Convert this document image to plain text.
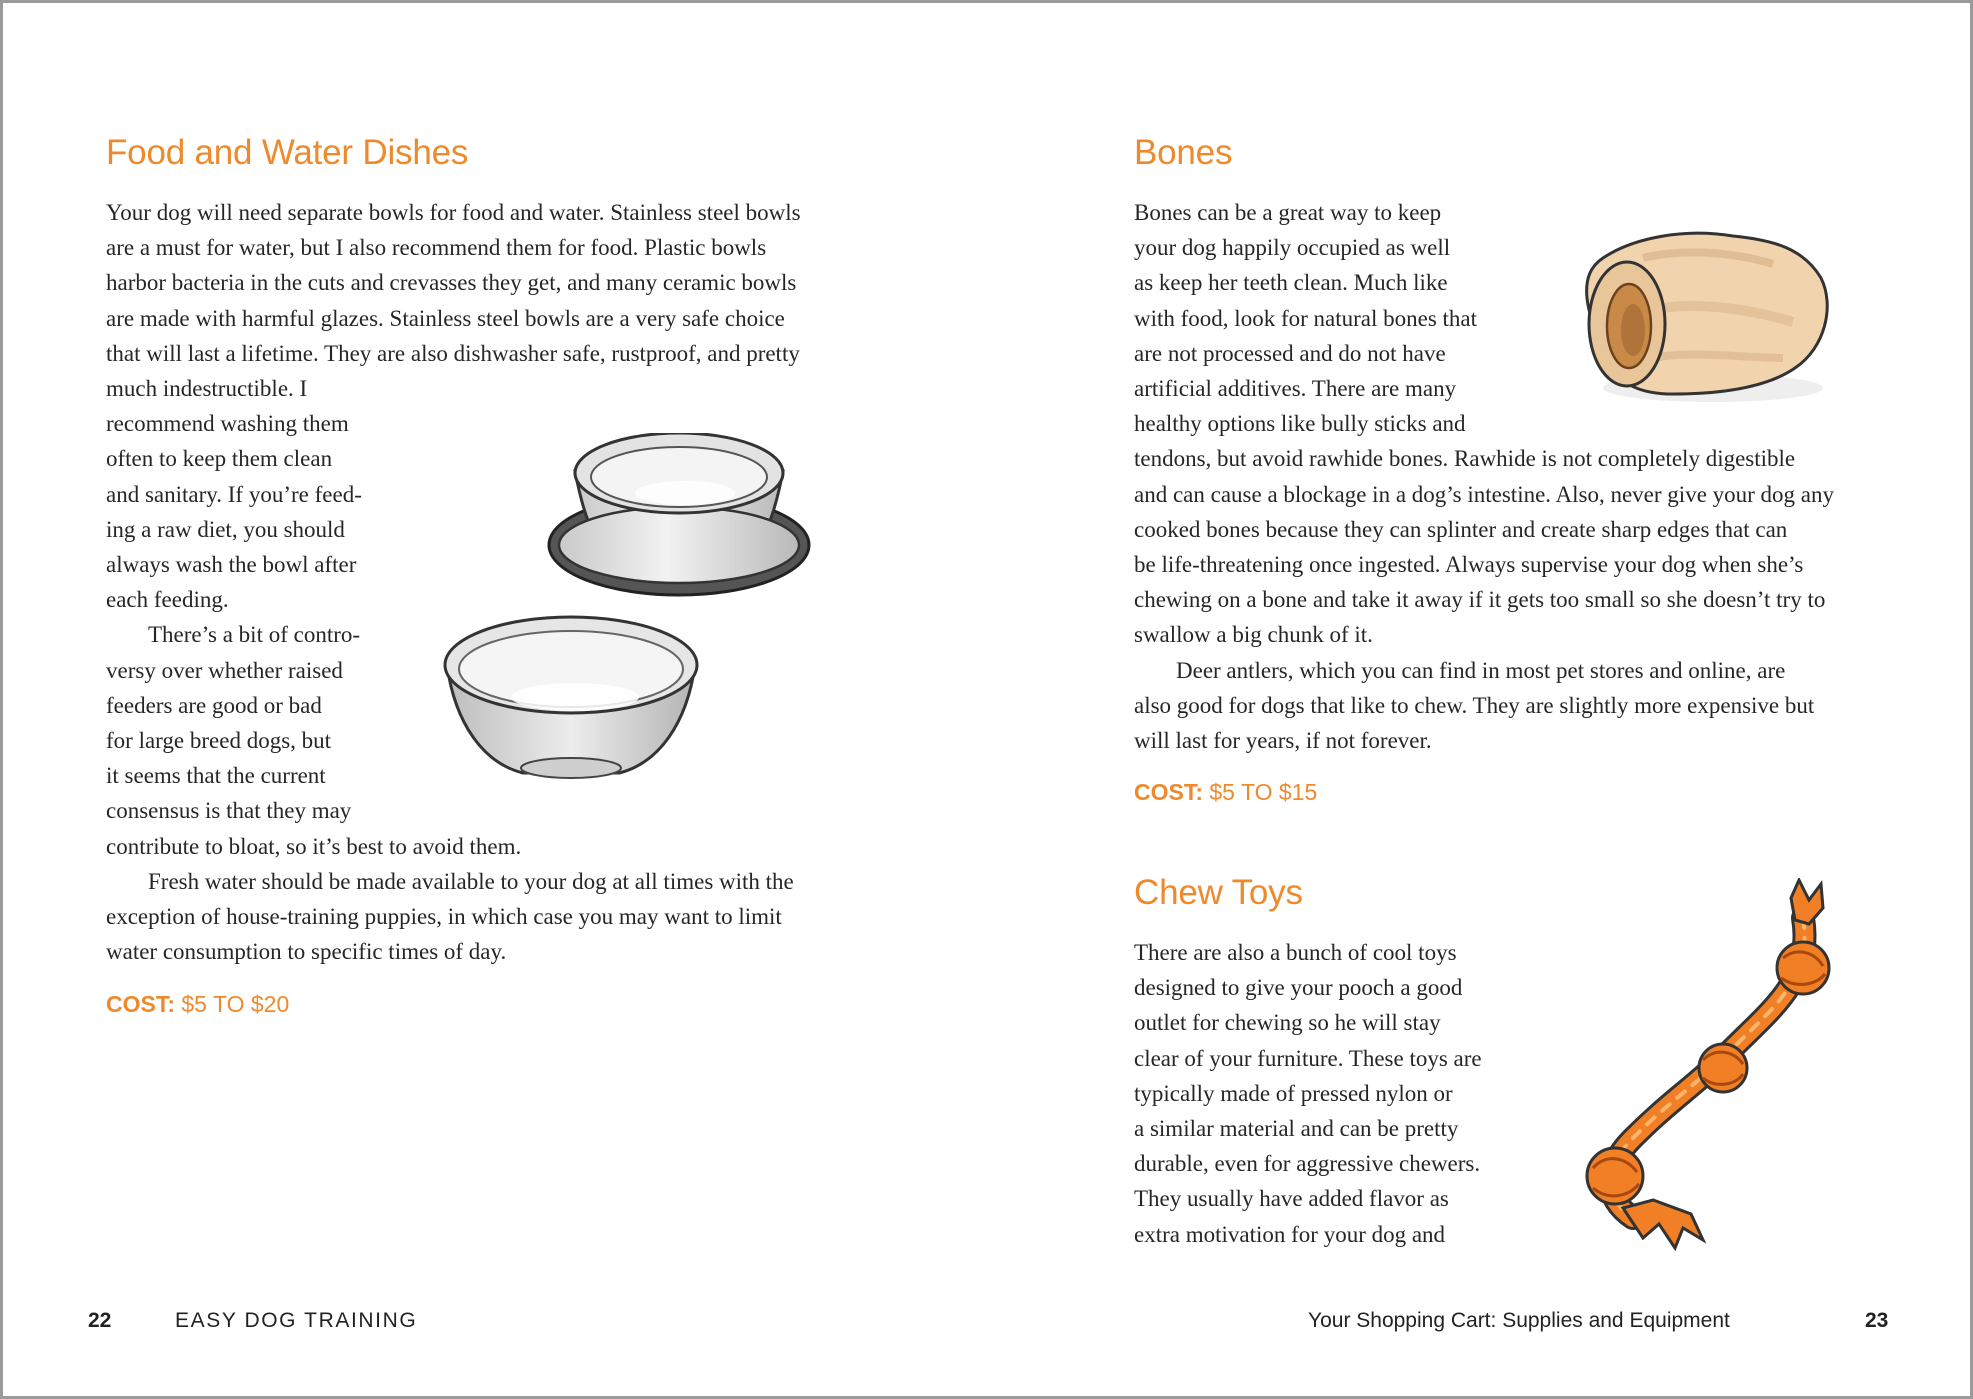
Food and Water Dishes

Your dog will need separate bowls for food and water. Stainless steel bowls
are a must for water, but I also recommend them for food. Plastic bowls
harbor bacteria in the cuts and crevasses they get, and many ceramic bowls
are made with harmful glazes. Stainless steel bowls are a very safe choice
that will last a lifetime. They are also dishwasher safe, rustproof, and pretty
much indestructible. I
recommend washing them
often to keep them clean
and sanitary. If you’re feed-
ing a raw diet, you should
always wash the bowl after
each feeding.
There’s a bit of contro-
versy over whether raised
feeders are good or bad
for large breed dogs, but
it seems that the current
consensus is that they may
contribute to bloat, so it’s best to avoid them.
Fresh water should be made available to your dog at all times with the
exception of house-training puppies, in which case you may want to limit
water consumption to specific times of day.

COST: $5 TO $20
22	EASY DOG TRAINING
Bones

Bones can be a great way to keep
your dog happily occupied as well
as keep her teeth clean. Much like
with food, look for natural bones that
are not processed and do not have
artificial additives. There are many
healthy options like bully sticks and
tendons, but avoid rawhide bones. Rawhide is not completely digestible
and can cause a blockage in a dog’s intestine. Also, never give your dog any
cooked bones because they can splinter and create sharp edges that can
be life-threatening once ingested. Always supervise your dog when she’s
chewing on a bone and take it away if it gets too small so she doesn’t try to
swallow a big chunk of it.
Deer antlers, which you can find in most pet stores and online, are
also good for dogs that like to chew. They are slightly more expensive but
will last for years, if not forever.

COST: $5 TO $15
Chew Toys

There are also a bunch of cool toys
designed to give your pooch a good
outlet for chewing so he will stay
clear of your furniture. These toys are
typically made of pressed nylon or
a similar material and can be pretty
durable, even for aggressive chewers.
They usually have added flavor as
extra motivation for your dog and

Your Shopping Cart: Supplies and Equipment	23
